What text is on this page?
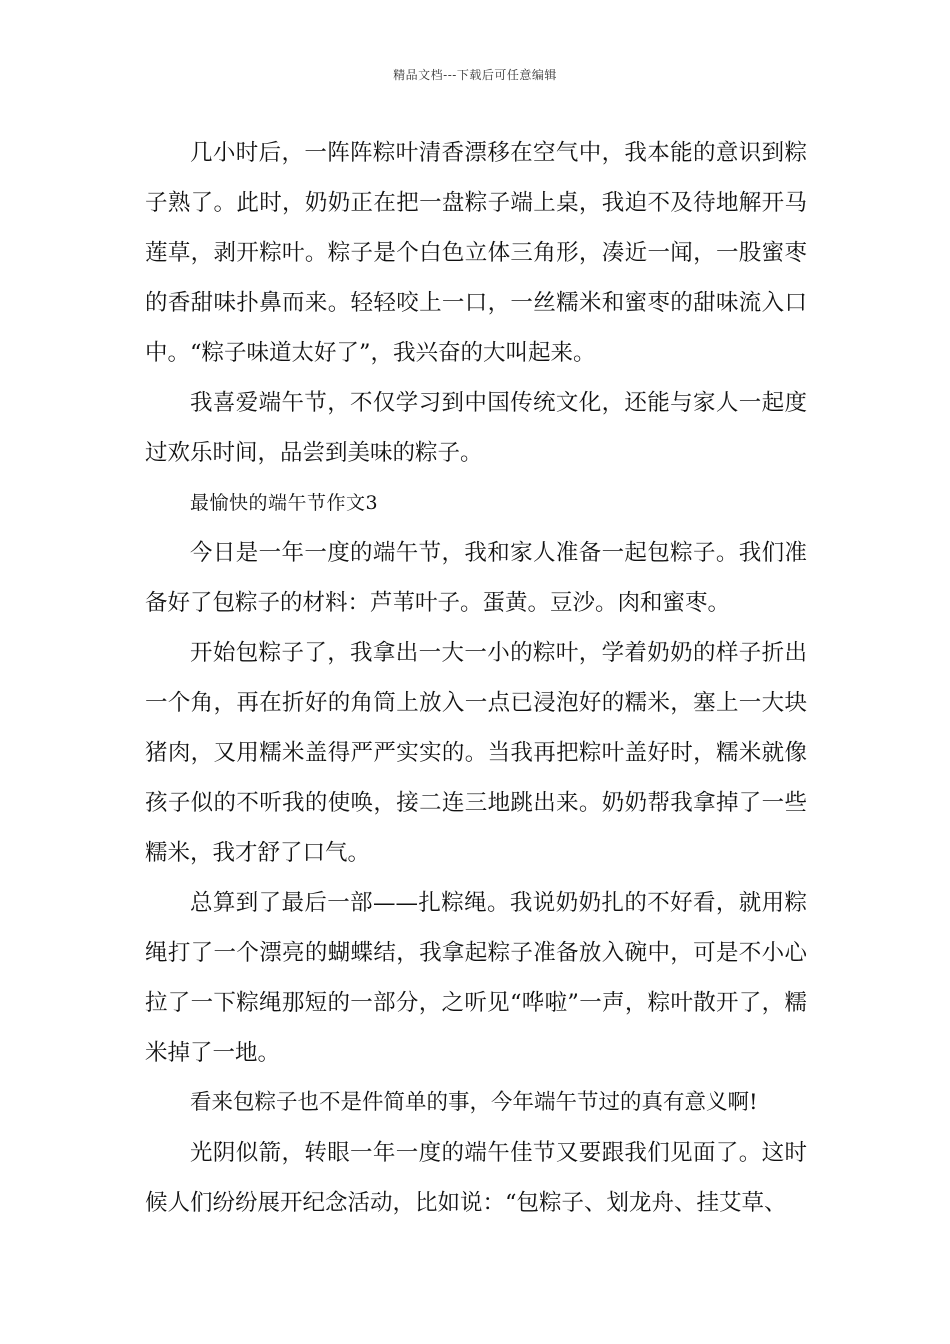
精品文档---下载后可任意编辑

几小时后，一阵阵粽叶清香漂移在空气中，我本能的意识到粽子熟了。此时，奶奶正在把一盘粽子端上桌，我迫不及待地解开马莲草，剥开粽叶。粽子是个白色立体三角形，凑近一闻，一股蜜枣的香甜味扑鼻而来。轻轻咬上一口，一丝糯米和蜜枣的甜味流入口中。“粽子味道太好了”，我兴奋的大叫起来。

我喜爱端午节，不仅学习到中国传统文化，还能与家人一起度过欢乐时间，品尝到美味的粽子。

最愉快的端午节作文3

今日是一年一度的端午节，我和家人准备一起包粽子。我们准备好了包粽子的材料：芦苇叶子。蛋黄。豆沙。肉和蜜枣。

开始包粽子了，我拿出一大一小的粽叶，学着奶奶的样子折出一个角，再在折好的角筒上放入一点已浸泡好的糯米，塞上一大块猪肉，又用糯米盖得严严实实的。当我再把粽叶盖好时，糯米就像孩子似的不听我的使唤，接二连三地跳出来。奶奶帮我拿掉了一些糯米，我才舒了口气。

总算到了最后一部——扎粽绳。我说奶奶扎的不好看，就用粽绳打了一个漂亮的蝴蝶结，我拿起粽子准备放入碗中，可是不小心拉了一下粽绳那短的一部分，之听见“哗啦”一声，粽叶散开了，糯米掉了一地。

看来包粽子也不是件简单的事，今年端午节过的真有意义啊!

光阴似箭，转眼一年一度的端午佳节又要跟我们见面了。这时候人们纷纷展开纪念活动，比如说：“包粽子、划龙舟、挂艾草、
